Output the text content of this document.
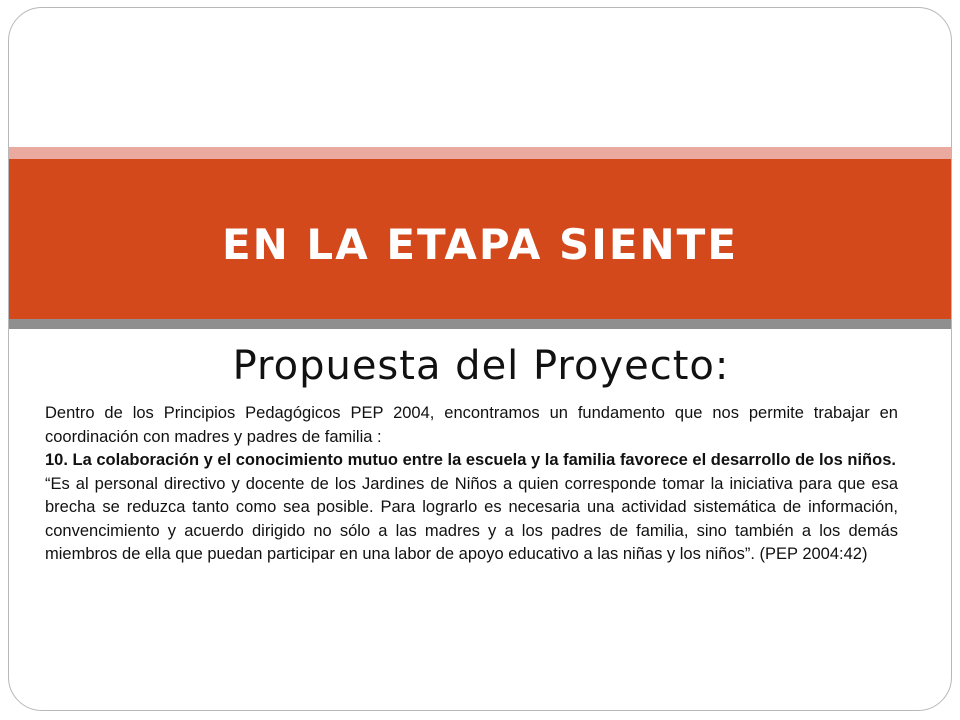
EN LA ETAPA SIENTE
Propuesta del Proyecto:

Dentro de los Principios Pedagógicos PEP 2004, encontramos un fundamento que nos permite trabajar en coordinación con madres y padres de familia :

10. La colaboración y el conocimiento mutuo entre la escuela y la familia favorece el desarrollo de los niños.

“Es al personal directivo y docente de los Jardines de Niños a quien corresponde tomar la iniciativa para que esa brecha se reduzca tanto como sea posible. Para lograrlo es necesaria una actividad sistemática de información, convencimiento y acuerdo dirigido no sólo a las madres y a los padres de familia, sino también a los demás miembros de ella que puedan participar en una labor de apoyo educativo a las niñas y los niños”. (PEP 2004:42)
